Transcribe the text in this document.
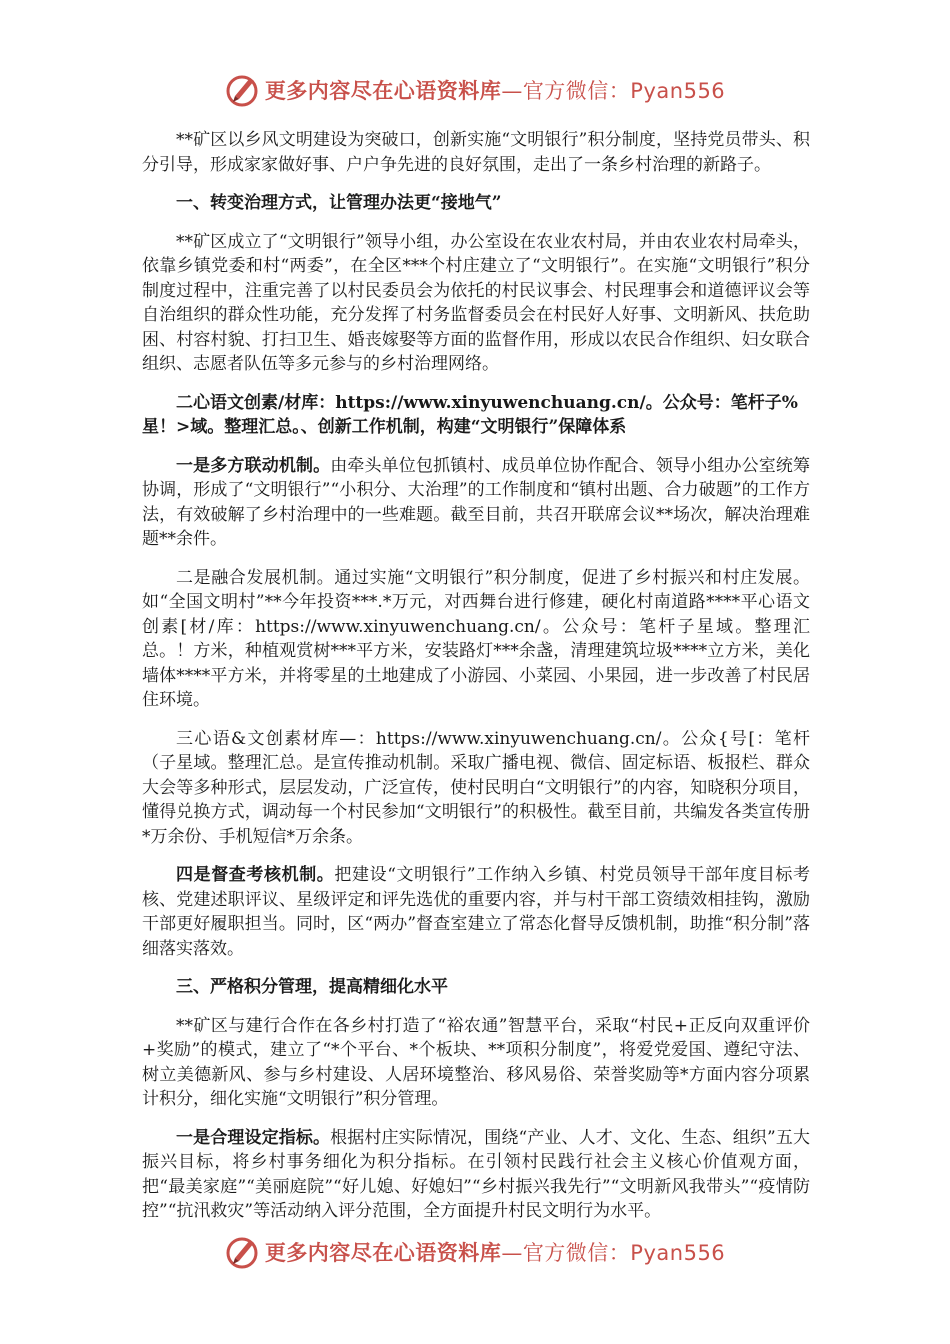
更多内容尽在心语资料库—官方微信：Pyan556

**矿区以乡风文明建设为突破口，创新实施“文明银行”积分制度，坚持党员带头、积分引导，形成家家做好事、户户争先进的良好氛围，走出了一条乡村治理的新路子。

一、转变治理方式，让管理办法更“接地气”

**矿区成立了“文明银行”领导小组，办公室设在农业农村局，并由农业农村局牵头，依靠乡镇党委和村“两委”，在全区***个村庄建立了“文明银行”。在实施“文明银行”积分制度过程中，注重完善了以村民委员会为依托的村民议事会、村民理事会和道德评议会等自治组织的群众性功能，充分发挥了村务监督委员会在村民好人好事、文明新风、扶危助困、村容村貌、打扫卫生、婚丧嫁娶等方面的监督作用，形成以农民合作组织、妇女联合组织、志愿者队伍等多元参与的乡村治理网络。

二心语文创素/材库：https://www.xinyuwenchuang.cn/。公众号：笔杆子%星！>域。整理汇总。、创新工作机制，构建“文明银行”保障体系

一是多方联动机制。由牵头单位包抓镇村、成员单位协作配合、领导小组办公室统筹协调，形成了“文明银行”“小积分、大治理”的工作制度和“镇村出题、合力破题”的工作方法，有效破解了乡村治理中的一些难题。截至目前，共召开联席会议**场次，解决治理难题**余件。

二是融合发展机制。通过实施“文明银行”积分制度，促进了乡村振兴和村庄发展。如“全国文明村”**今年投资***.*万元，对西舞台进行修建，硬化村南道路****平心语文创素[材/库：https://www.xinyuwenchuang.cn/。公众号：笔杆子星域。整理汇总。！方米，种植观赏树***平方米，安装路灯***余盏，清理建筑垃圾****立方米，美化墙体****平方米，并将零星的土地建成了小游园、小菜园、小果园，进一步改善了村民居住环境。

三心语&文创素材库—：https://www.xinyuwenchuang.cn/。公众{号[：笔杆（子星域。整理汇总。是宣传推动机制。采取广播电视、微信、固定标语、板报栏、群众大会等多种形式，层层发动，广泛宣传，使村民明白“文明银行”的内容，知晓积分项目，懂得兑换方式，调动每一个村民参加“文明银行”的积极性。截至目前，共编发各类宣传册*万余份、手机短信*万余条。

四是督查考核机制。把建设“文明银行”工作纳入乡镇、村党员领导干部年度目标考核、党建述职评议、星级评定和评先选优的重要内容，并与村干部工资绩效相挂钩，激励干部更好履职担当。同时，区“两办”督查室建立了常态化督导反馈机制，助推“积分制”落细落实落效。

三、严格积分管理，提高精细化水平

**矿区与建行合作在各乡村打造了“裕农通”智慧平台，采取“村民+正反向双重评价+奖励”的模式，建立了“*个平台、*个板块、**项积分制度”，将爱党爱国、遵纪守法、树立美德新风、参与乡村建设、人居环境整治、移风易俗、荣誉奖励等*方面内容分项累计积分，细化实施“文明银行”积分管理。

一是合理设定指标。根据村庄实际情况，围绕“产业、人才、文化、生态、组织”五大振兴目标，将乡村事务细化为积分指标。在引领村民践行社会主义核心价值观方面，把“最美家庭”“美丽庭院”“好儿媳、好媳妇”“乡村振兴我先行”“文明新风我带头”“疫情防控”“抗汛救灾”等活动纳入评分范围，全方面提升村民文明行为水平。

更多内容尽在心语资料库—官方微信：Pyan556
